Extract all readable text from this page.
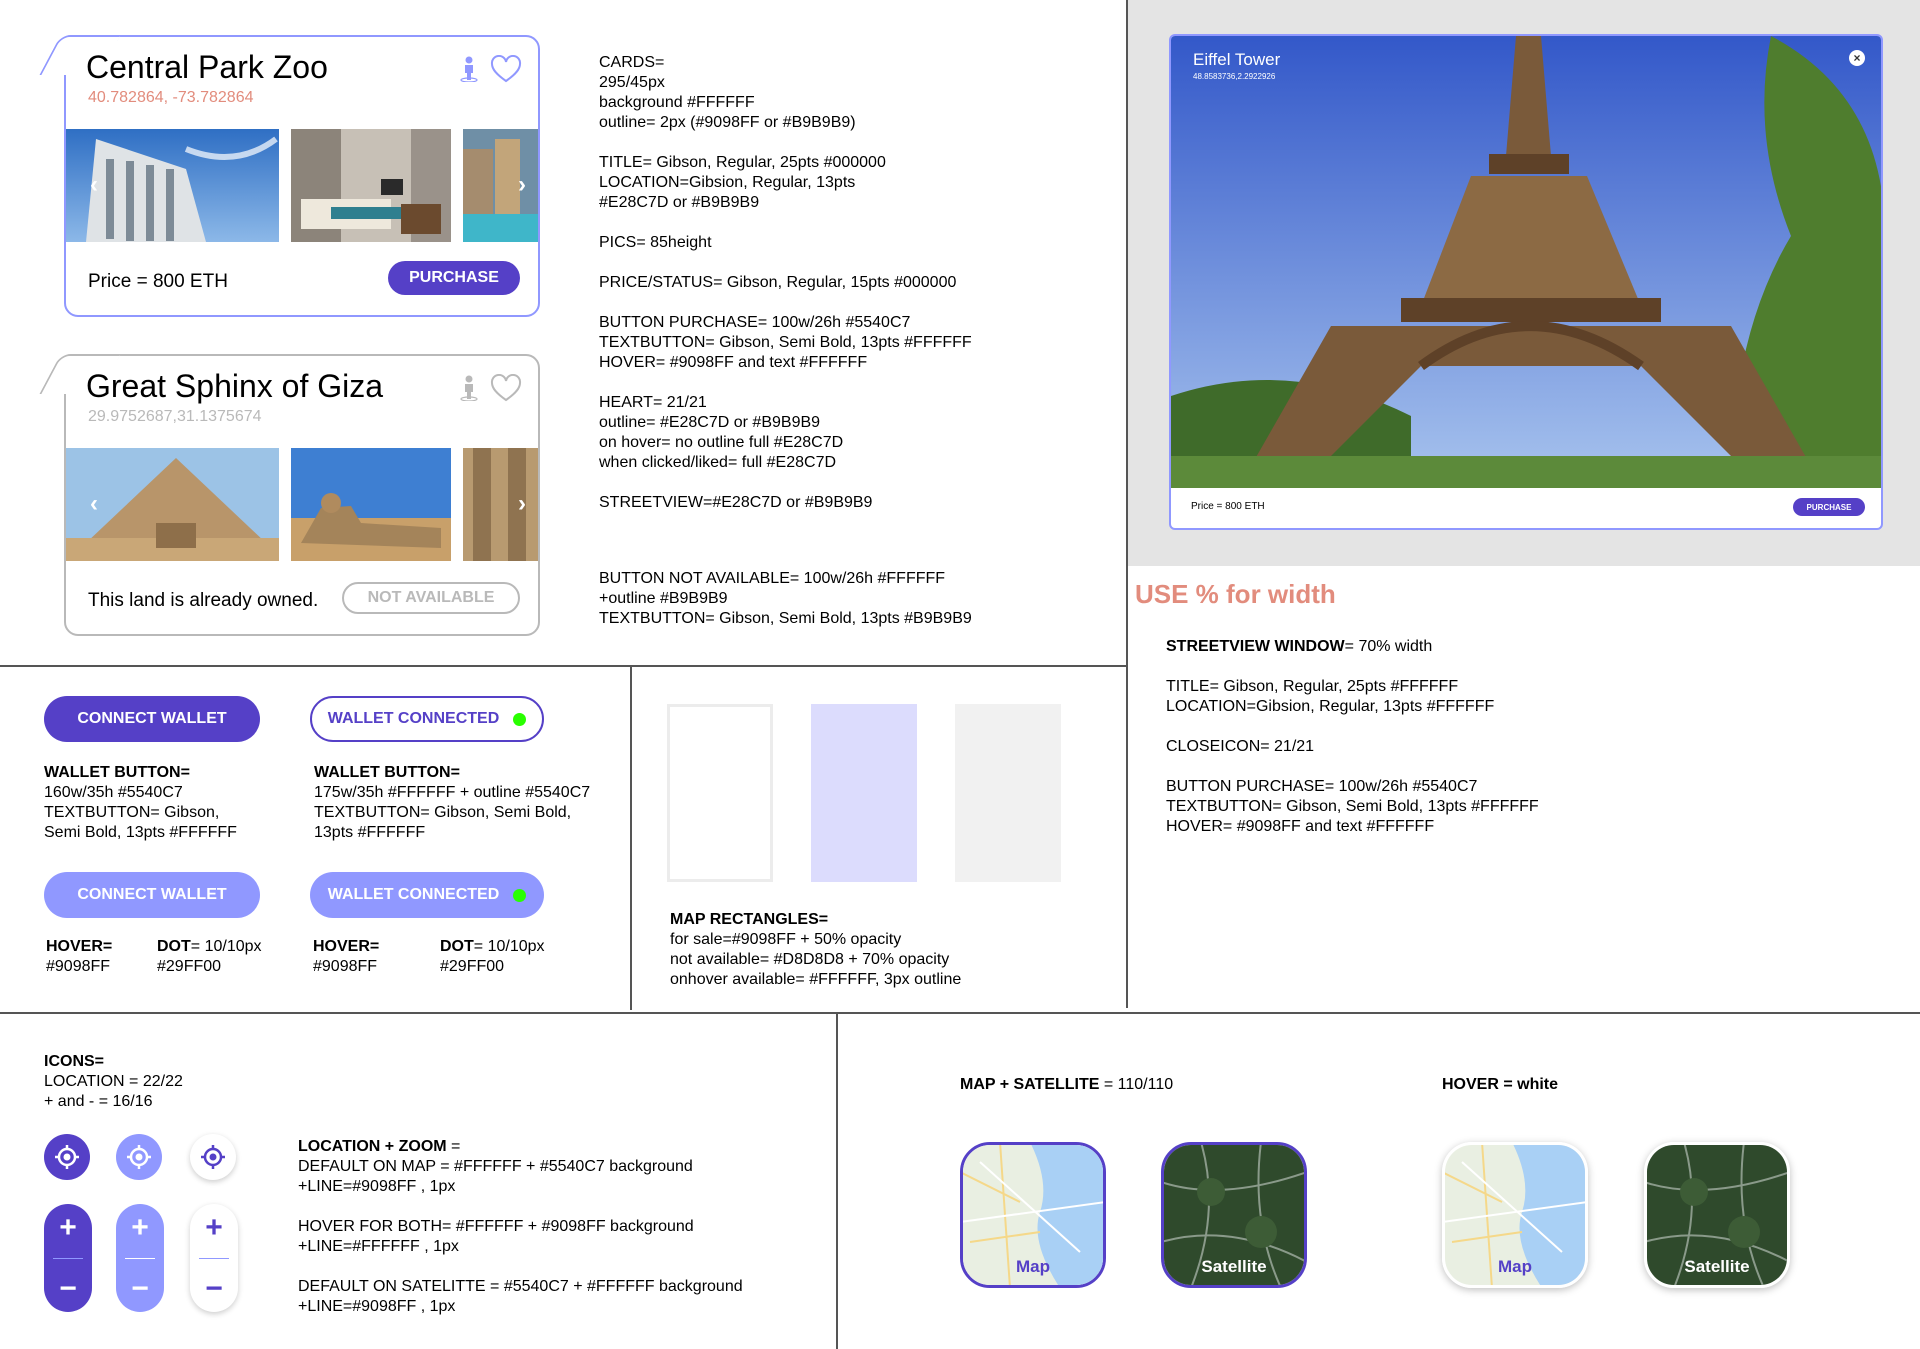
Central Park Zoo
40.782864, -73.782864
‹	›
Price = 800 ETH	PURCHASE
Great Sphinx of Giza
29.9752687,31.1375674
‹	›
This land is already owned.	NOT AVAILABLE
CARDS=
295/45px
background #FFFFFF
outline= 2px (#9098FF or #B9B9B9)

TITLE= Gibson, Regular, 25pts #000000
LOCATION=Gibsion, Regular, 13pts
#E28C7D or #B9B9B9

PICS= 85height

PRICE/STATUS= Gibson, Regular, 15pts #000000

BUTTON PURCHASE= 100w/26h #5540C7
TEXTBUTTON= Gibson, Semi Bold, 13pts #FFFFFF
HOVER= #9098FF and text #FFFFFF

HEART= 21/21
outline= #E28C7D or #B9B9B9
on hover= no outline full #E28C7D
when clicked/liked= full #E28C7D

STREETVIEW=#E28C7D or #B9B9B9
BUTTON NOT AVAILABLE= 100w/26h #FFFFFF
+outline #B9B9B9
TEXTBUTTON= Gibson, Semi Bold, 13pts #B9B9B9
Eiffel Tower
48.8583736,2.2922926
×
Price = 800 ETH	PURCHASE
USE % for width
STREETVIEW WINDOW= 70% width
TITLE= Gibson, Regular, 25pts #FFFFFF
LOCATION=Gibsion, Regular, 13pts #FFFFFF

CLOSEICON= 21/21

BUTTON PURCHASE= 100w/26h #5540C7
TEXTBUTTON= Gibson, Semi Bold, 13pts #FFFFFF
HOVER= #9098FF and text #FFFFFF
CONNECT WALLET	WALLET CONNECTED
WALLET BUTTON=
160w/35h #5540C7
TEXTBUTTON= Gibson,
Semi Bold, 13pts #FFFFFF
WALLET BUTTON=
175w/35h #FFFFFF + outline #5540C7
TEXTBUTTON= Gibson, Semi Bold,
13pts #FFFFFF
CONNECT WALLET	WALLET CONNECTED
HOVER=
#9098FF
DOT= 10/10px
#29FF00
HOVER=
#9098FF
DOT= 10/10px
#29FF00
MAP RECTANGLES=
for sale=#9098FF + 50% opacity
not available= #D8D8D8 + 70% opacity
onhover available= #FFFFFF, 3px outline
ICONS=
LOCATION = 22/22
+ and - = 16/16
+
−
+
−
+
−
LOCATION + ZOOM =
DEFAULT ON MAP = #FFFFFF + #5540C7 background
+LINE=#9098FF , 1px

HOVER FOR BOTH= #FFFFFF + #9098FF background
+LINE=#FFFFFF , 1px

DEFAULT ON SATELITTE = #5540C7 + #FFFFFF background
+LINE=#9098FF , 1px
MAP + SATELLITE = 110/110	HOVER = white
Map	Satellite	Map	Satellite
